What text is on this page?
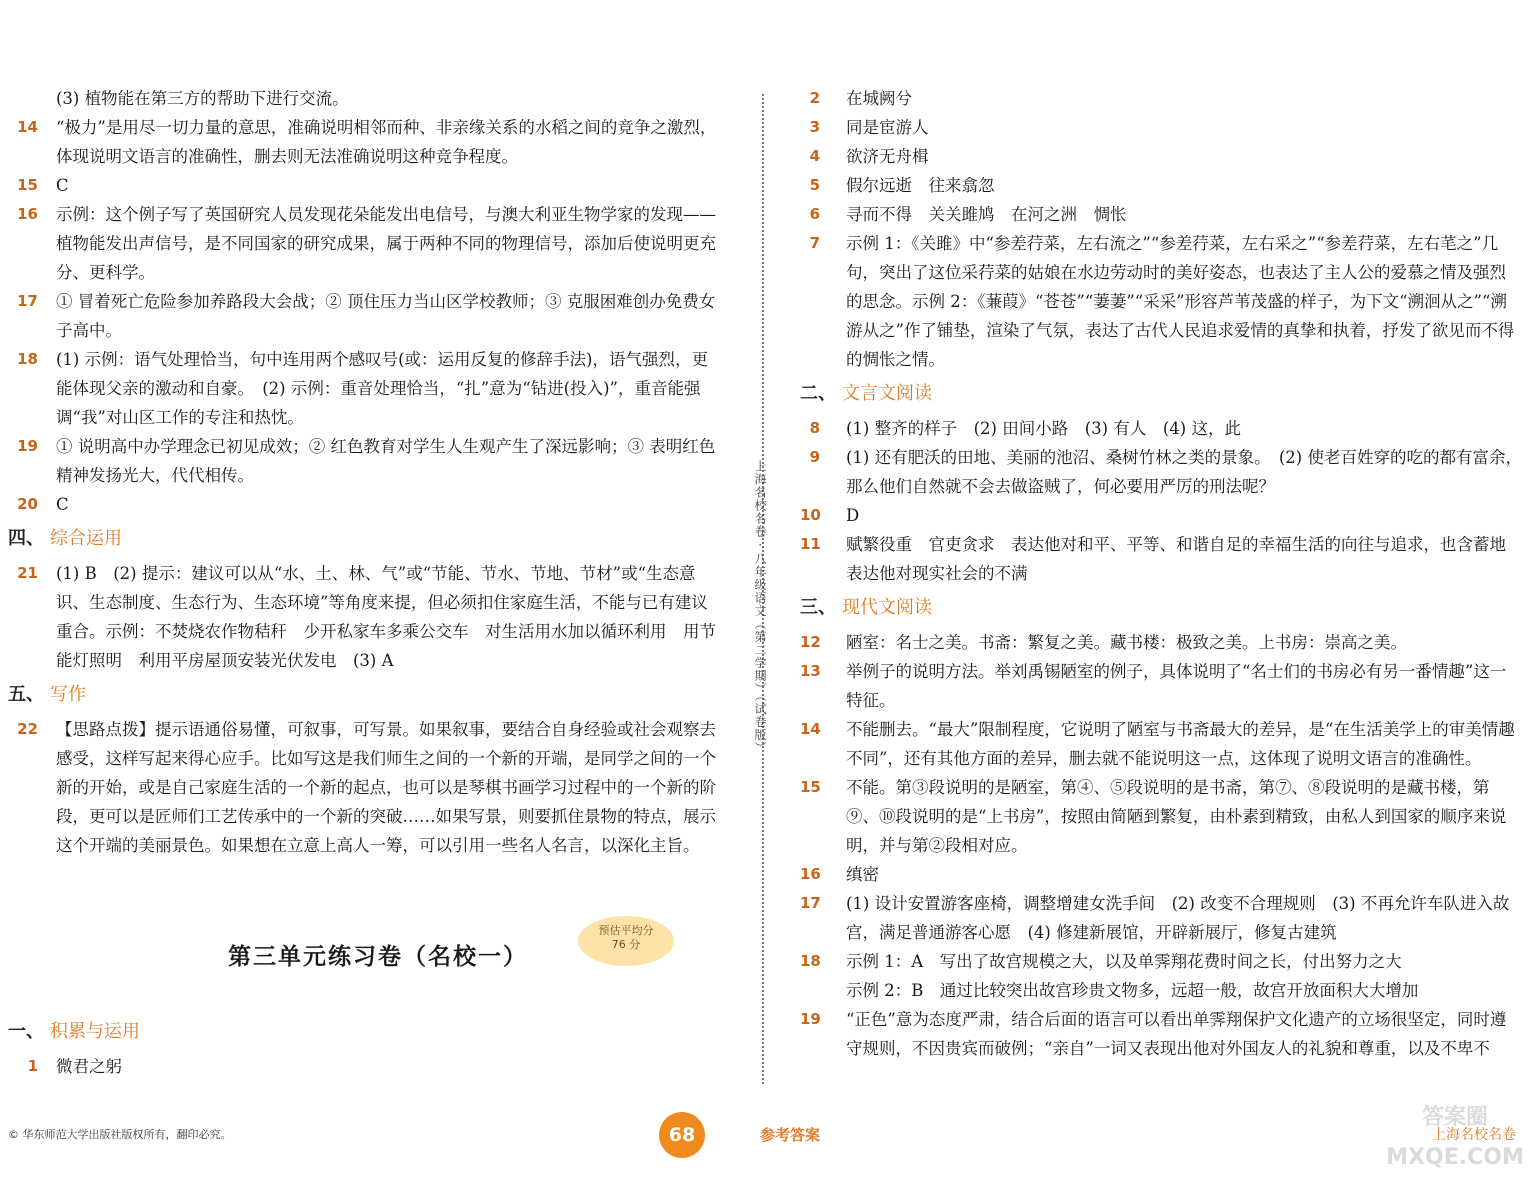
(3) 植物能在第三方的帮助下进行交流。
14 “极力”是用尽一切力量的意思，准确说明相邻而种、非亲缘关系的水稻之间的竞争之激烈，体现说明文语言的准确性，删去则无法准确说明这种竞争程度。
15 C
16 示例：这个例子写了英国研究人员发现花朵能发出电信号，与澳大利亚生物学家的发现——植物能发出声信号，是不同国家的研究成果，属于两种不同的物理信号，添加后使说明更充分、更科学。
17 ① 冒着死亡危险参加养路段大会战；② 顶住压力当山区学校教师；③ 克服困难创办免费女子高中。
18 (1) 示例：语气处理恰当，句中连用两个感叹号(或：运用反复的修辞手法)，语气强烈，更能体现父亲的激动和自豪。　(2) 示例：重音处理恰当，“扎”意为“钻进(投入)”，重音能强调“我”对山区工作的专注和热忱。
19 ① 说明高中办学理念已初见成效；② 红色教育对学生人生观产生了深远影响；③ 表明红色精神发扬光大，代代相传。
20 C
四、 综合运用
21 (1) B　(2) 提示：建议可以从“水、土、林、气”或“节能、节水、节地、节材”或“生态意识、生态制度、生态行为、生态环境”等角度来提，但必须扣住家庭生活，不能与已有建议重合。示例：不焚烧农作物秸秆　少开私家车多乘公交车　对生活用水加以循环利用　用节能灯照明　利用平房屋顶安装光伏发电　(3) A
五、 写作
22 【思路点拨】提示语通俗易懂，可叙事，可写景。如果叙事，要结合自身经验或社会观察去感受，这样写起来得心应手。比如写这是我们师生之间的一个新的开端，是同学之间的一个新的开始，或是自己家庭生活的一个新的起点，也可以是琴棋书画学习过程中的一个新的阶段，更可以是匠师们工艺传承中的一个新的突破……如果写景，则要抓住景物的特点，展示这个开端的美丽景色。如果想在立意上高人一筹，可以引用一些名人名言，以深化主旨。
第三单元练习卷（名校一）
预估平均分
76 分
一、 积累与运用
1 微君之躬
上海名校名卷 · 八年级语文（第二学期）（试卷版）
2 在城阙兮
3 同是宦游人
4 欲济无舟楫
5 假尔远逝　往来翕忽
6 寻而不得　关关雎鸠　在河之洲　惆怅
7 示例 1：《关雎》中“参差荇菜，左右流之”“参差荇菜，左右采之”“参差荇菜，左右芼之”几句，突出了这位采荇菜的姑娘在水边劳动时的美好姿态，也表达了主人公的爱慕之情及强烈的思念。示例 2：《蒹葭》“苍苍”“萋萋”“采采”形容芦苇茂盛的样子，为下文“溯洄从之”“溯游从之”作了铺垫，渲染了气氛，表达了古代人民追求爱情的真挚和执着，抒发了欲见而不得的惆怅之情。
二、 文言文阅读
8 (1) 整齐的样子　(2) 田间小路　(3) 有人　(4) 这，此
9 (1) 还有肥沃的田地、美丽的池沼、桑树竹林之类的景象。　(2) 使老百姓穿的吃的都有富余，那么他们自然就不会去做盗贼了，何必要用严厉的刑法呢？
10 D
11 赋繁役重　官吏贪求　表达他对和平、平等、和谐自足的幸福生活的向往与追求，也含蓄地表达他对现实社会的不满
三、 现代文阅读
12 陋室：名士之美。书斋：繁复之美。藏书楼：极致之美。上书房：崇高之美。
13 举例子的说明方法。举刘禹锡陋室的例子，具体说明了“名士们的书房必有另一番情趣”这一特征。
14 不能删去。“最大”限制程度，它说明了陋室与书斋最大的差异，是“在生活美学上的审美情趣不同”，还有其他方面的差异，删去就不能说明这一点，这体现了说明文语言的准确性。
15 不能。第③段说明的是陋室，第④、⑤段说明的是书斋，第⑦、⑧段说明的是藏书楼，第⑨、⑩段说明的是“上书房”，按照由简陋到繁复，由朴素到精致，由私人到国家的顺序来说明，并与第②段相对应。
16 缜密
17 (1) 设计安置游客座椅，调整增建女洗手间　(2) 改变不合理规则　(3) 不再允许车队进入故宫，满足普通游客心愿　(4) 修建新展馆，开辟新展厅，修复古建筑
18 示例 1：A　写出了故宫规模之大，以及单霁翔花费时间之长，付出努力之大
示例 2：B　通过比较突出故宫珍贵文物多，远超一般，故宫开放面积大大增加
19 “正色”意为态度严肃，结合后面的语言可以看出单霁翔保护文化遗产的立场很坚定，同时遵守规则，不因贵宾而破例；“亲自”一词又表现出他对外国友人的礼貌和尊重，以及不卑不
© 华东师范大学出版社版权所有，翻印必究。	68	参考答案
答案圈 MXQE.COM
上海名校名卷
